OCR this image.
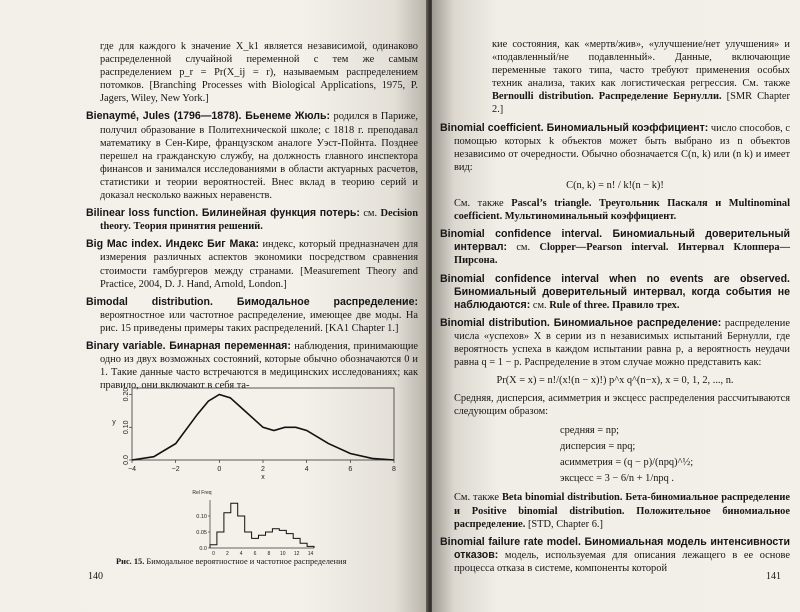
где для каждого k значение X_k1 является независимой, одинаково распределенной случайной переменной с тем же самым распределением p_r = Pr(X_ij = r), называемым распределением потомков. [Branching Processes with Biological Applications, 1975, P. Jagers, Wiley, New York.]

Bienaymé, Jules (1796—1878). Бьенеме Жюль: родился в Париже, получил образование в Политехнической школе; с 1818 г. преподавал математику в Сен-Кире, французском аналоге Уэст-Пойнта. Позднее перешел на гражданскую службу, на должность главного инспектора финансов и занимался исследованиями в области актуарных расчетов, статистики и теории вероятностей. Внес вклад в теорию серий и доказал несколько важных неравенств.

Bilinear loss function. Билинейная функция потерь: см. Decision theory. Теория принятия решений.

Big Mac index. Индекс Биг Мака: индекс, который предназначен для измерения различных аспектов экономики посредством сравнения стоимости гамбургеров между странами. [Measurement Theory and Practice, 2004, D. J. Hand, Arnold, London.]

Bimodal distribution. Бимодальное распределение: вероятностное или частотное распределение, имеющее две моды. На рис. 15 приведены примеры таких распределений. [KA1 Chapter 1.]

Binary variable. Бинарная переменная: наблюдения, принимающие одно из двух возможных состояний, которые обычно обозначаются 0 и 1. Такие данные часто встречаются в медицинских исследованиях; как правило, они включают в себя та-

−4	−2	0	2	4	6	8
0.0
0.10
0.20
x
y
0.10
0.05
0.0
0 2 4 6 8 10 12 14
Rel Freq
Рис. 15. Бимодальное вероятностное и частотное распределения
140

кие состояния, как «мертв/жив», «улучшение/нет улучшения» и «подавленный/не подавленный». Данные, включающие переменные такого типа, часто требуют применения особых техник анализа, таких как логистическая регрессия. См. также Bernoulli distribution. Распределение Бернулли. [SMR Chapter 2.]

Binomial coefficient. Биномиальный коэффициент: число способов, с помощью которых k объектов может быть выбрано из n объектов независимо от очередности. Обычно обозначается C(n, k) или (n k) и имеет вид:

C(n, k) = n! / k!(n − k)!

См. также Pascal’s triangle. Треугольник Паскаля и Multinominal coefficient. Мультиноминальный коэффициент.

Binomial confidence interval. Биномиальный доверительный интервал: см. Clopper—Pearson interval. Интервал Клоппера—Пирсона.

Binomial confidence interval when no events are observed. Биномиальный доверительный интервал, когда события не наблюдаются: см. Rule of three. Правило трех.

Binomial distribution. Биномиальное распределение: распределение числа «успехов» X в серии из n независимых испытаний Бернулли, где вероятность успеха в каждом испытании равна p, а вероятность неудачи равна q = 1 − p. Распределение в этом случае можно представить как:

Pr(X = x) = n!/(x!(n − x)!) p^x q^(n−x), x = 0, 1, 2, ..., n.

Средняя, дисперсия, асимметрия и эксцесс распределения рассчитываются следующим образом:

средняя = np;
дисперсия = npq;
асимметрия = (q − p)/(npq)^½;
эксцесс = 3 − 6/n + 1/npq .

См. также Beta binomial distribution. Бета-биномиальное распределение и Positive binomial distribution. Положительное биномиальное распределение. [STD, Chapter 6.]

Binomial failure rate model. Биномиальная модель интенсивности отказов: модель, используемая для описания лежащего в ее основе процесса отказа в системе, компоненты которой

141
